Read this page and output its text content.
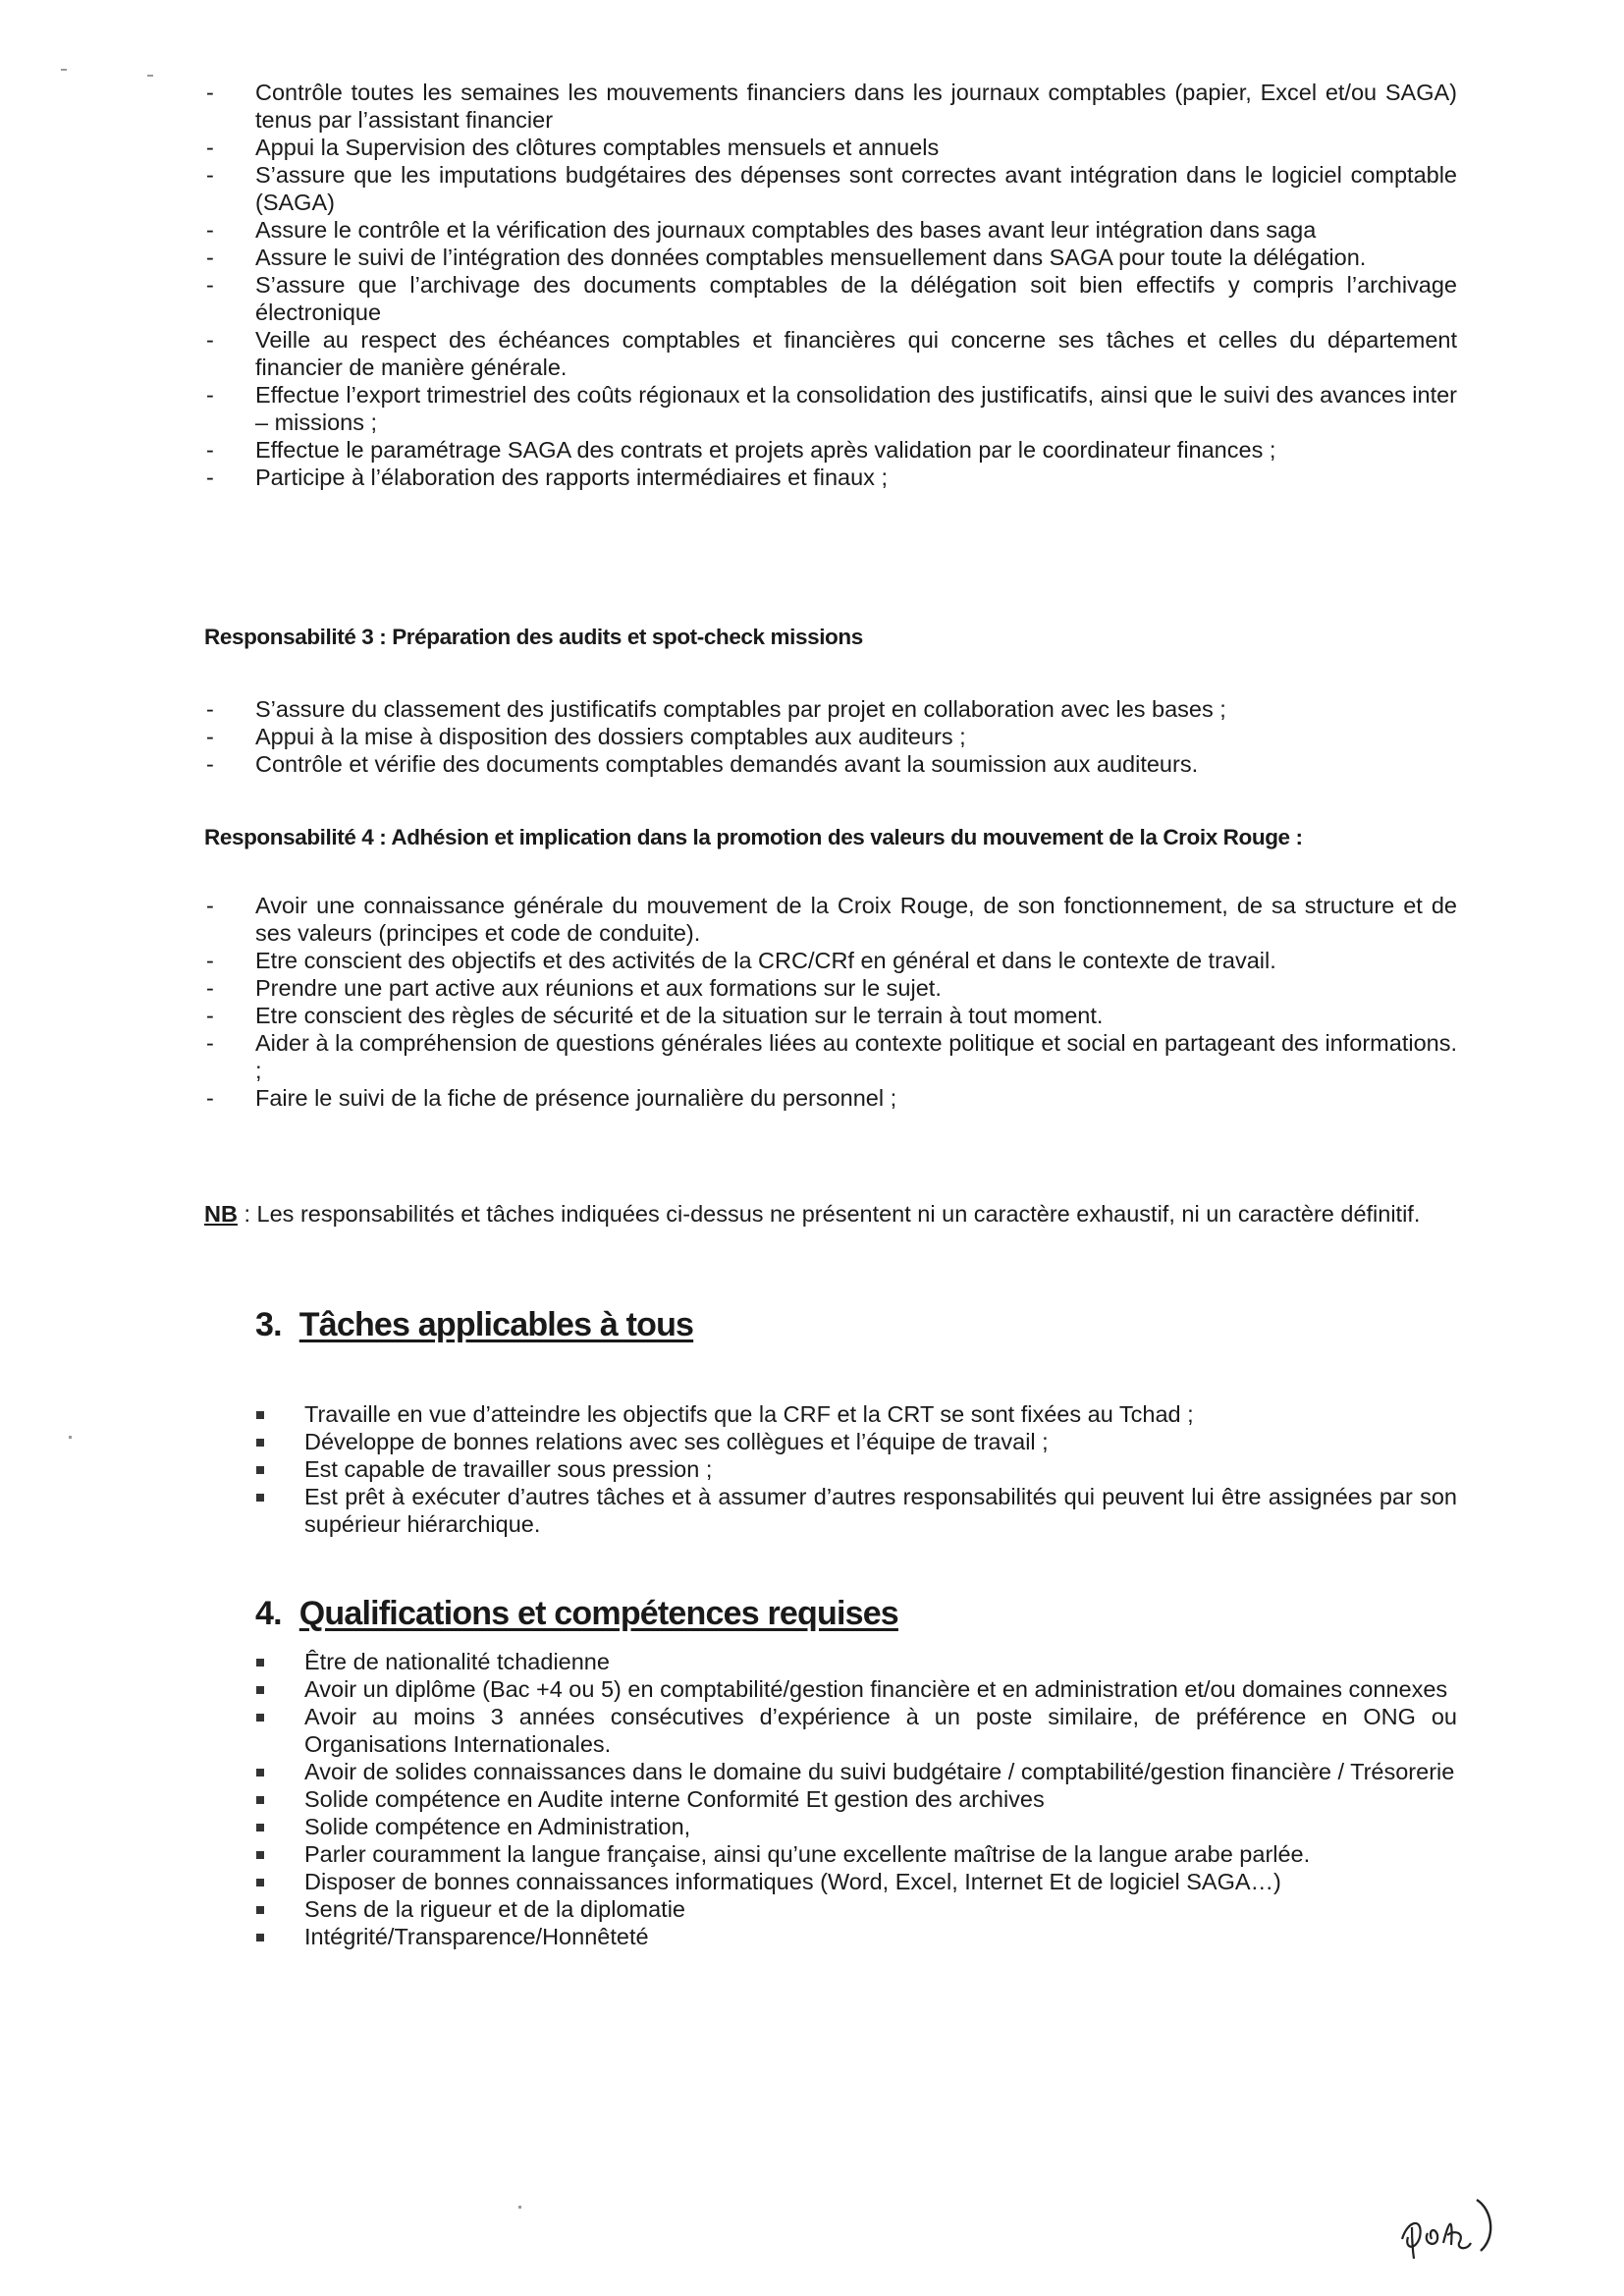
- Contrôle toutes les semaines les mouvements financiers dans les journaux comptables (papier, Excel et/ou SAGA) tenus par l’assistant financier
- Appui la Supervision des clôtures comptables mensuels et annuels
- S’assure que les imputations budgétaires des dépenses sont correctes avant intégration dans le logiciel comptable (SAGA)
- Assure le contrôle et la vérification des journaux comptables des bases avant leur intégration dans saga
- Assure le suivi de l’intégration des données comptables mensuellement dans SAGA pour toute la délégation.
- S’assure que l’archivage des documents comptables de la délégation soit bien effectifs y compris l’archivage électronique
- Veille au respect des échéances comptables et financières qui concerne ses tâches et celles du département financier de manière générale.
- Effectue l’export trimestriel des coûts régionaux et la consolidation des justificatifs, ainsi que le suivi des avances inter – missions ;
- Effectue le paramétrage SAGA des contrats et projets après validation par le coordinateur finances ;
- Participe à l’élaboration des rapports intermédiaires et finaux ;
Responsabilité 3 : Préparation des audits et spot-check missions
- S’assure du classement des justificatifs comptables par projet en collaboration avec les bases ;
- Appui à la mise à disposition des dossiers comptables aux auditeurs ;
- Contrôle et vérifie des documents comptables demandés avant la soumission aux auditeurs.
Responsabilité 4 : Adhésion et implication dans la promotion des valeurs du mouvement de la Croix Rouge :
- Avoir une connaissance générale du mouvement de la Croix Rouge, de son fonctionnement, de sa structure et de ses valeurs (principes et code de conduite).
- Etre conscient des objectifs et des activités de la CRC/CRf en général et dans le contexte de travail.
- Prendre une part active aux réunions et aux formations sur le sujet.
- Etre conscient des règles de sécurité et de la situation sur le terrain à tout moment.
- Aider à la compréhension de questions générales liées au contexte politique et social en partageant des informations. ;
- Faire le suivi de la fiche de présence journalière du personnel ;
NB : Les responsabilités et tâches indiquées ci-dessus ne présentent ni un caractère exhaustif, ni un caractère définitif.
3. Tâches applicables à tous
Travaille en vue d’atteindre les objectifs que la CRF et la CRT se sont fixées au Tchad ;
Développe de bonnes relations avec ses collègues et l’équipe de travail ;
Est capable de travailler sous pression ;
Est prêt à exécuter d’autres tâches et à assumer d’autres responsabilités qui peuvent lui être assignées par son supérieur hiérarchique.
4. Qualifications et compétences requises
Être de nationalité tchadienne
Avoir un diplôme (Bac +4 ou 5) en comptabilité/gestion financière et en administration et/ou domaines connexes
Avoir au moins 3 années consécutives d’expérience à un poste similaire, de préférence en ONG ou Organisations Internationales.
Avoir de solides connaissances dans le domaine du suivi budgétaire / comptabilité/gestion financière / Trésorerie
Solide compétence en Audite interne Conformité Et gestion des archives
Solide compétence en Administration,
Parler couramment la langue française, ainsi qu’une excellente maîtrise de la langue arabe parlée.
Disposer de bonnes connaissances informatiques (Word, Excel, Internet Et de logiciel SAGA…)
Sens de la rigueur et de la diplomatie
Intégrité/Transparence/Honnêteté
